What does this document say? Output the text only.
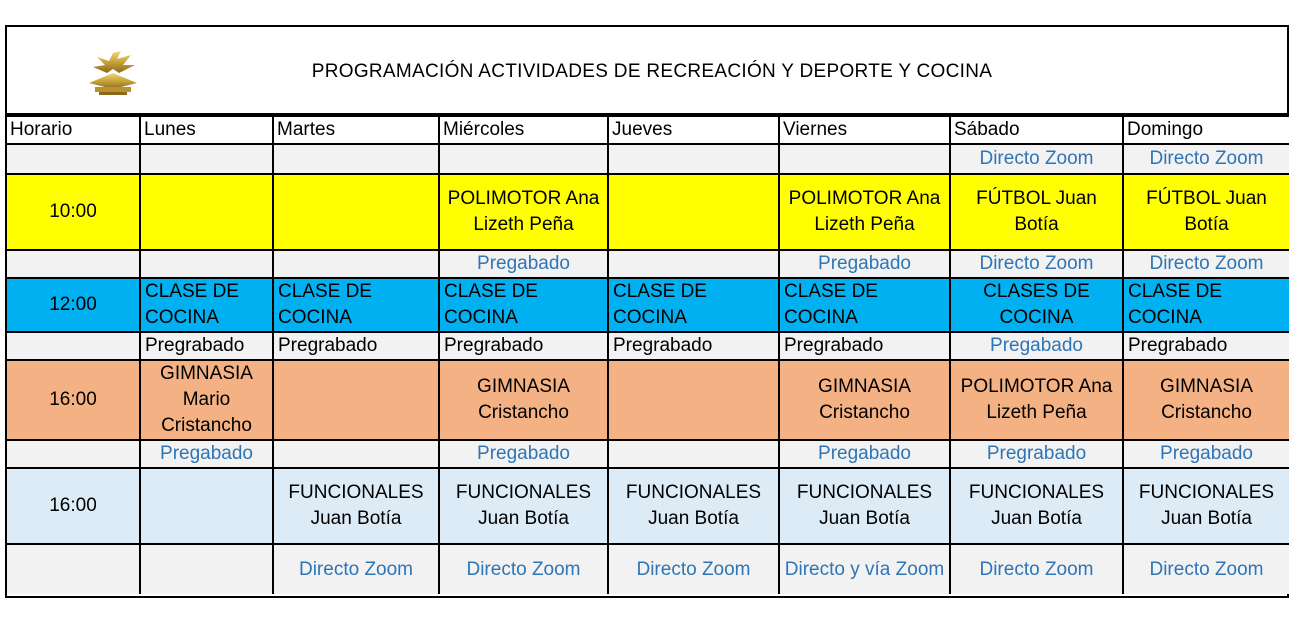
PROGRAMACIÓN ACTIVIDADES DE RECREACIÓN Y DEPORTE Y COCINA
Horario	Lunes	Martes	Miércoles	Jueves	Viernes	Sábado	Domingo
						Directo Zoom	Directo Zoom
10:00			POLIMOTOR Ana Lizeth Peña		POLIMOTOR Ana Lizeth Peña	FÚTBOL Juan Botía	FÚTBOL Juan Botía
			Pregabado		Pregabado	Directo Zoom	Directo Zoom
12:00	CLASE DE COCINA	CLASE DE COCINA	CLASE DE COCINA	CLASE DE COCINA	CLASE DE COCINA	CLASES DE COCINA	CLASE DE COCINA
	Pregrabado	Pregrabado	Pregrabado	Pregrabado	Pregrabado	Pregabado	Pregrabado
16:00	GIMNASIA Mario Cristancho		GIMNASIA Cristancho		GIMNASIA Cristancho	POLIMOTOR Ana Lizeth Peña	GIMNASIA Cristancho
	Pregabado		Pregabado		Pregabado	Pregrabado	Pregabado
16:00		FUNCIONALES Juan Botía	FUNCIONALES Juan Botía	FUNCIONALES Juan Botía	FUNCIONALES Juan Botía	FUNCIONALES Juan Botía	FUNCIONALES Juan Botía
		Directo Zoom	Directo Zoom	Directo Zoom	Directo y vía Zoom	Directo Zoom	Directo Zoom
